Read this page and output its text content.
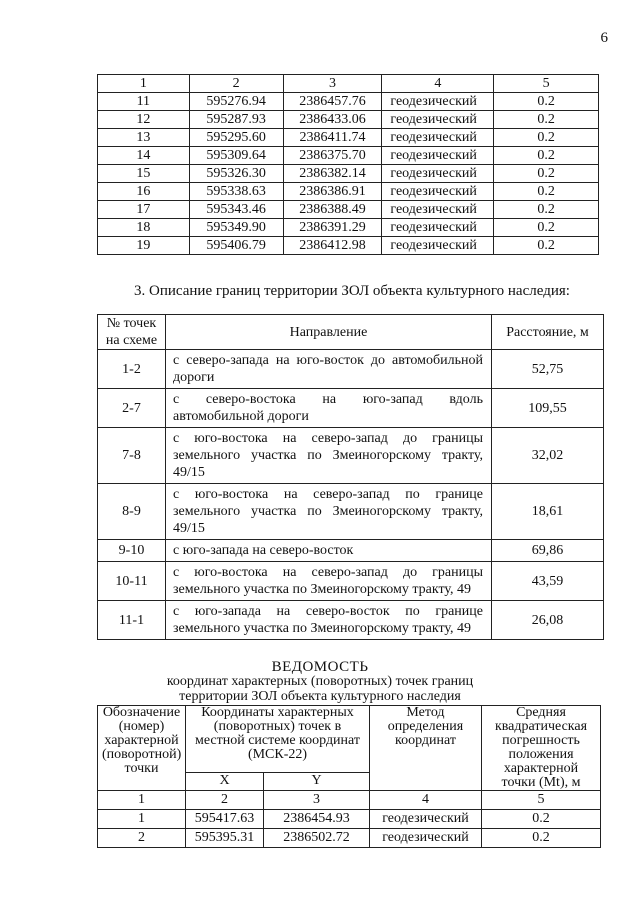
6
1	2	3	4	5
11	595276.94	2386457.76	геодезический	0.2
12	595287.93	2386433.06	геодезический	0.2
13	595295.60	2386411.74	геодезический	0.2
14	595309.64	2386375.70	геодезический	0.2
15	595326.30	2386382.14	геодезический	0.2
16	595338.63	2386386.91	геодезический	0.2
17	595343.46	2386388.49	геодезический	0.2
18	595349.90	2386391.29	геодезический	0.2
19	595406.79	2386412.98	геодезический	0.2
3. Описание границ территории ЗОЛ объекта культурного наследия:
№ точек на схеме	Направление	Расстояние, м
1-2	с северо-запада на юго-восток до автомобильной дороги	52,75
2-7	с северо-востока на юго-запад вдоль автомобильной дороги	109,55
7-8	с юго-востока на северо-запад до границы земельного участка по Змеиногорскому тракту, 49/15	32,02
8-9	с юго-востока на северо-запад по границе земельного участка по Змеиногорскому тракту, 49/15	18,61
9-10	с юго-запада на северо-восток	69,86
10-11	с юго-востока на северо-запад до границы земельного участка по Змеиногорскому тракту, 49	43,59
11-1	с юго-запада на северо-восток по границе земельного участка по Змеиногорскому тракту, 49	26,08
ВЕДОМОСТЬ
координат характерных (поворотных) точек границ
территории ЗОЛ объекта культурного наследия
Обозначение (номер) характерной (поворотной) точки	Координаты характерных (поворотных) точек в местной системе координат (МСК-22)		Метод определения координат	Средняя квадратическая погрешность положения характерной точки (Mt), м
	X	Y		
1	2	3	4	5
1	595417.63	2386454.93	геодезический	0.2
2	595395.31	2386502.72	геодезический	0.2
